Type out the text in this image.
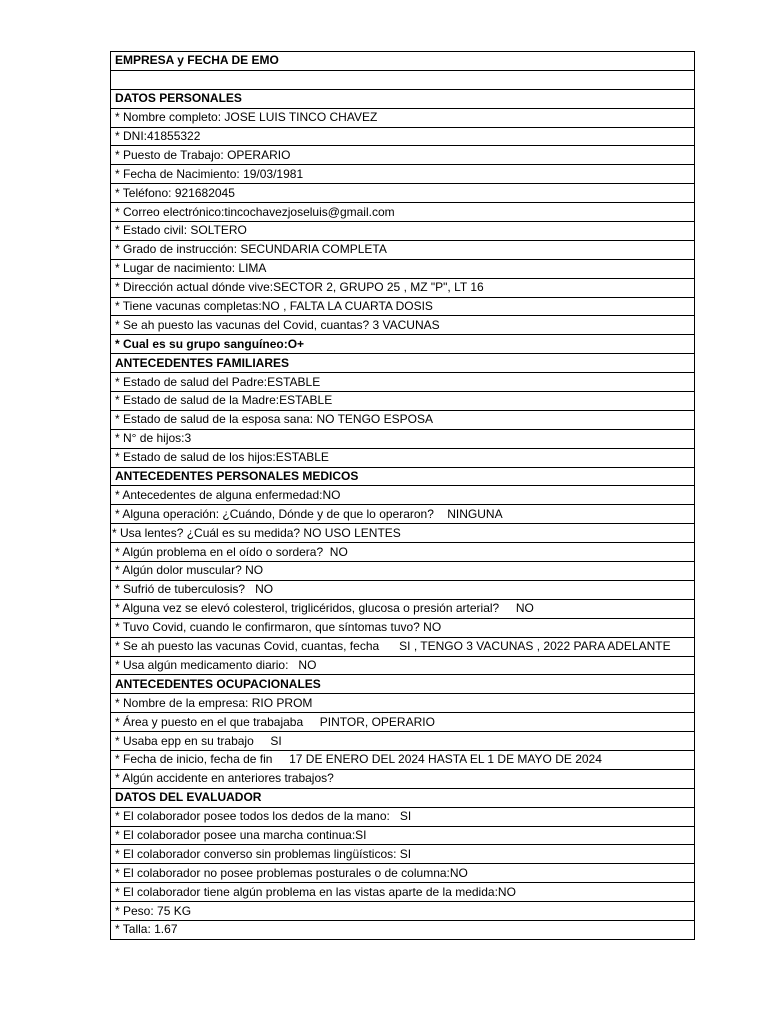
EMPRESA y FECHA DE EMO

DATOS PERSONALES
* Nombre completo: JOSE LUIS TINCO CHAVEZ
* DNI:41855322
* Puesto de Trabajo: OPERARIO
* Fecha de Nacimiento: 19/03/1981
* Teléfono: 921682045
* Correo electrónico:tincochavezjoseluis@gmail.com
* Estado civil: SOLTERO
* Grado de instrucción: SECUNDARIA COMPLETA
* Lugar de nacimiento: LIMA
* Dirección actual dónde vive:SECTOR 2, GRUPO 25 , MZ "P", LT 16
* Tiene vacunas completas:NO , FALTA LA CUARTA DOSIS
* Se ah puesto las vacunas del Covid, cuantas? 3 VACUNAS
* Cual es su grupo sanguíneo:O+
ANTECEDENTES FAMILIARES
* Estado de salud del Padre:ESTABLE
* Estado de salud de la Madre:ESTABLE
* Estado de salud de la esposa sana: NO TENGO ESPOSA
* N° de hijos:3
* Estado de salud de los hijos:ESTABLE
ANTECEDENTES PERSONALES MEDICOS
* Antecedentes de alguna enfermedad:NO
* Alguna operación: ¿Cuándo, Dónde y de que lo operaron?    NINGUNA
* Usa lentes? ¿Cuál es su medida? NO USO LENTES
* Algún problema en el oído o sordera?  NO
* Algún dolor muscular? NO
* Sufrió de tuberculosis?   NO
* Alguna vez se elevó colesterol, triglicéridos, glucosa o presión arterial?     NO
* Tuvo Covid, cuando le confirmaron, que síntomas tuvo? NO
* Se ah puesto las vacunas Covid, cuantas, fecha      SI , TENGO 3 VACUNAS , 2022 PARA ADELANTE
* Usa algún medicamento diario:   NO
ANTECEDENTES OCUPACIONALES
* Nombre de la empresa: RIO PROM
* Área y puesto en el que trabajaba     PINTOR, OPERARIO
* Usaba epp en su trabajo     SI
* Fecha de inicio, fecha de fin     17 DE ENERO DEL 2024 HASTA EL 1 DE MAYO DE 2024
* Algún accidente en anteriores trabajos?
DATOS DEL EVALUADOR
* El colaborador posee todos los dedos de la mano:   SI
* El colaborador posee una marcha continua:SI
* El colaborador converso sin problemas lingüísticos: SI
* El colaborador no posee problemas posturales o de columna:NO
* El colaborador tiene algún problema en las vistas aparte de la medida:NO
* Peso: 75 KG
* Talla: 1.67
